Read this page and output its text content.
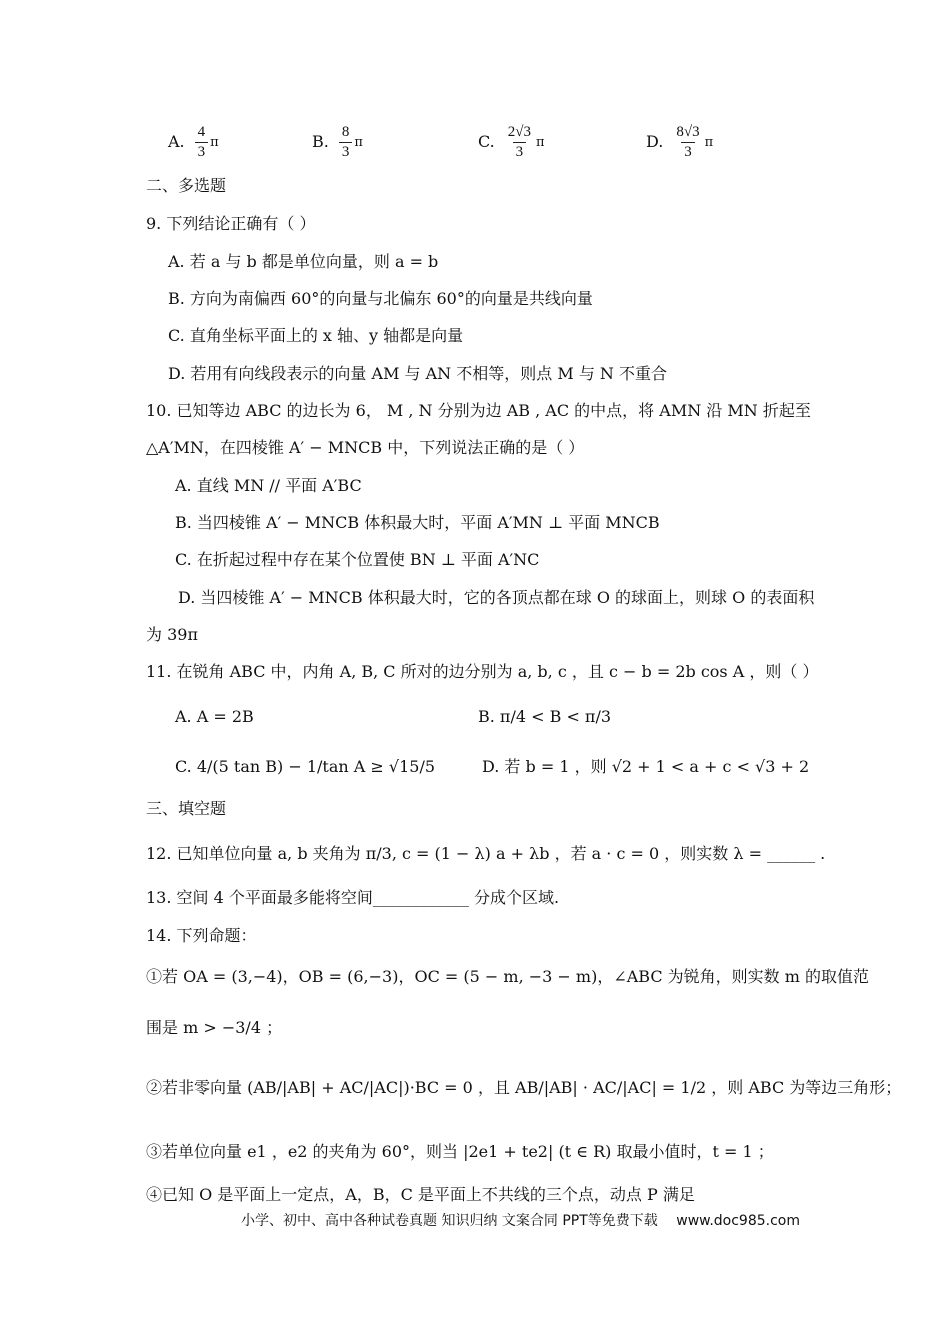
A. $\frac{4}{3}$ π	B. $\frac{8}{3}$ π	C. $\frac{2√3}{3}$ π	D. $\frac{8√3}{3}$ π
二、多选题
9. 下列结论正确有（ ）
A. 若 a 与 b 都是单位向量，则 a = b
B. 方向为南偏西 60°的向量与北偏东 60°的向量是共线向量
C. 直角坐标平面上的 x 轴、y 轴都是向量
D. 若用有向线段表示的向量 AM 与 AN 不相等，则点 M 与 N 不重合
10. 已知等边 ABC 的边长为 6， M , N 分别为边 AB , AC 的中点，将 AMN 沿 MN 折起至
△A′MN，在四棱锥 A′ − MNCB 中，下列说法正确的是（ ）
A. 直线 MN // 平面 A′BC
B. 当四棱锥 A′ − MNCB 体积最大时，平面 A′MN ⊥ 平面 MNCB
C. 在折起过程中存在某个位置使 BN ⊥ 平面 A′NC
D. 当四棱锥 A′ − MNCB 体积最大时，它的各顶点都在球 O 的球面上，则球 O 的表面积
为 39π
11. 在锐角 ABC 中，内角 A, B, C 所对的边分别为 a, b, c ，且 c − b = 2b cos A ，则（ ）
A. A = 2B	B. π/4 < B < π/3
C. 4/(5 tan B) − 1/tan A ≥ √15/5	D. 若 b = 1 ，则 √2 + 1 < a + c < √3 + 2
三、填空题
12. 已知单位向量 a, b 夹角为 π/3, c = (1 − λ) a + λb ，若 a · c = 0 ，则实数 λ = ______ .
13. 空间 4 个平面最多能将空间____________ 分成个区域.
14. 下列命题：
①若 OA = (3,−4)，OB = (6,−3)，OC = (5 − m, −3 − m)，∠ABC 为锐角，则实数 m 的取值范
围是 m > −3/4 ；
②若非零向量 (AB/|AB| + AC/|AC|)·BC = 0 ，且 AB/|AB| · AC/|AC| = 1/2 ，则 ABC 为等边三角形；
③若单位向量 e1 ，e2 的夹角为 60°，则当 |2e1 + te2| (t ∈ R) 取最小值时，t = 1 ；
④已知 O 是平面上一定点，A，B，C 是平面上不共线的三个点，动点 P 满足
小学、初中、高中各种试卷真题 知识归纳 文案合同 PPT等免费下载 www.doc985.com
